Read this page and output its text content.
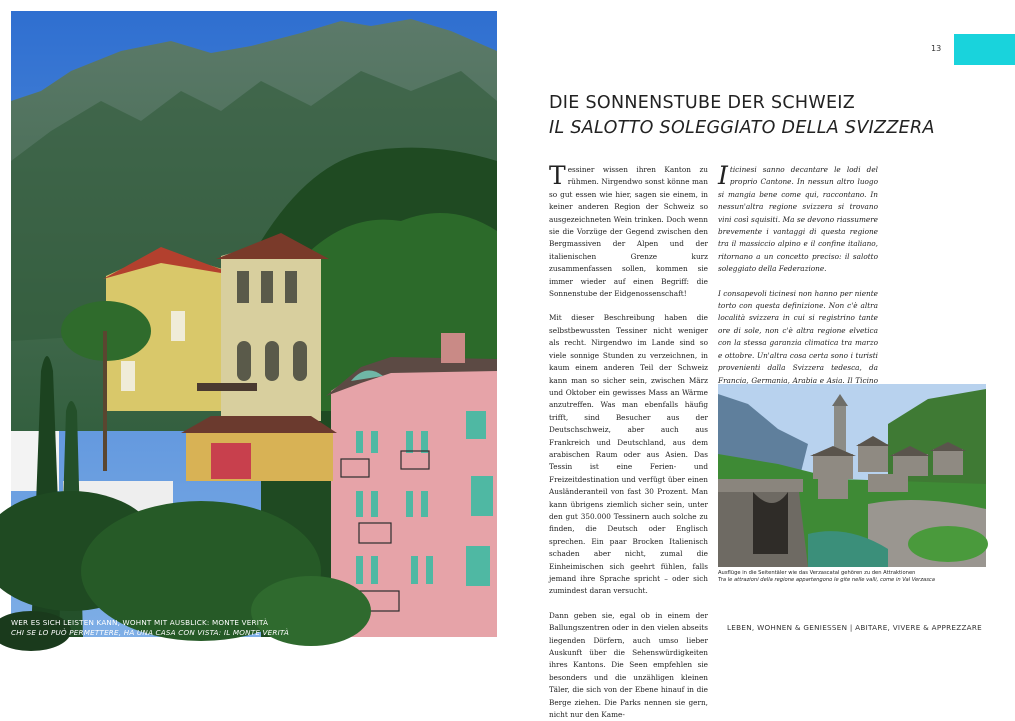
WER ES SICH LEISTEN KANN, WOHNT MIT AUSBLICK: MONTE VERITÀ
CHI SE LO PUÒ PERMETTERE, HA UNA CASA CON VISTA: IL MONTE VERITÀ
13
DIE SONNENSTUBE DER SCHWEIZ
IL SALOTTO SOLEGGIATO DELLA SVIZZERA

Tessiner wissen ihren Kanton zu rühmen. Nirgendwo sonst könne man so gut essen wie hier, sagen sie einem, in keiner anderen Region der Schweiz so ausgezeichneten Wein trinken. Doch wenn sie die Vorzüge der Gegend zwischen den Bergmassiven der Alpen und der italienischen Grenze kurz zusammenfassen sollen, kommen sie immer wieder auf einen Begriff: die Sonnenstube der Eidgenossenschaft!

Mit dieser Beschreibung haben die selbstbewussten Tessiner nicht weniger als recht. Nirgendwo im Lande sind so viele sonnige Stunden zu verzeichnen, in kaum einem anderen Teil der Schweiz kann man so sicher sein, zwischen März und Oktober ein gewisses Mass an Wärme anzutreffen. Was man ebenfalls häufig trifft, sind Besucher aus der Deutschschweiz, aber auch aus Frankreich und Deutschland, aus dem arabischen Raum oder aus Asien. Das Tessin ist eine Ferien- und Freizeitdestination und verfügt über einen Ausländeranteil von fast 30 Prozent. Man kann übrigens ziemlich sicher sein, unter den gut 350.000 Tessinern auch solche zu finden, die Deutsch oder Englisch sprechen. Ein paar Brocken Italienisch schaden aber nicht, zumal die Einheimischen sich geehrt fühlen, falls jemand ihre Sprache spricht – oder sich zumindest daran versucht.

Dann geben sie, egal ob in einem der Ballungszentren oder in den vielen abseits liegenden Dörfern, auch umso lieber Auskunft über die Sehenswürdigkeiten ihres Kantons. Die Seen empfehlen sie besonders und die unzähligen kleinen Täler, die sich von der Ebene hinauf in die Berge ziehen. Die Parks nennen sie gern, nicht nur den Kame-

I ticinesi sanno decantare le lodi del proprio Cantone. In nessun altro luogo si mangia bene come qui, raccontano. In nessun'altra regione svizzera si trovano vini così squisiti. Ma se devono riassumere brevemente i vantaggi di questa regione tra il massiccio alpino e il confine italiano, ritornano a un concetto preciso: il salotto soleggiato della Federazione.

I consapevoli ticinesi non hanno per niente torto con questa definizione. Non c'è altra località svizzera in cui si registrino tante ore di sole, non c'è altra regione elvetica con la stessa garanzia climatica tra marzo e ottobre. Un'altra cosa certa sono i turisti provenienti dalla Svizzera tedesca, da Francia, Germania, Arabia e Asia. Il Ticino

Ausflüge in die Seitentäler wie das Verzascatal gehören zu den Attraktionen
Tra le attrazioni della regione appartengono le gite nelle valli, come in Val Verzasca
LEBEN, WOHNEN & GENIESSEN | ABITARE, VIVERE & APPREZZARE
